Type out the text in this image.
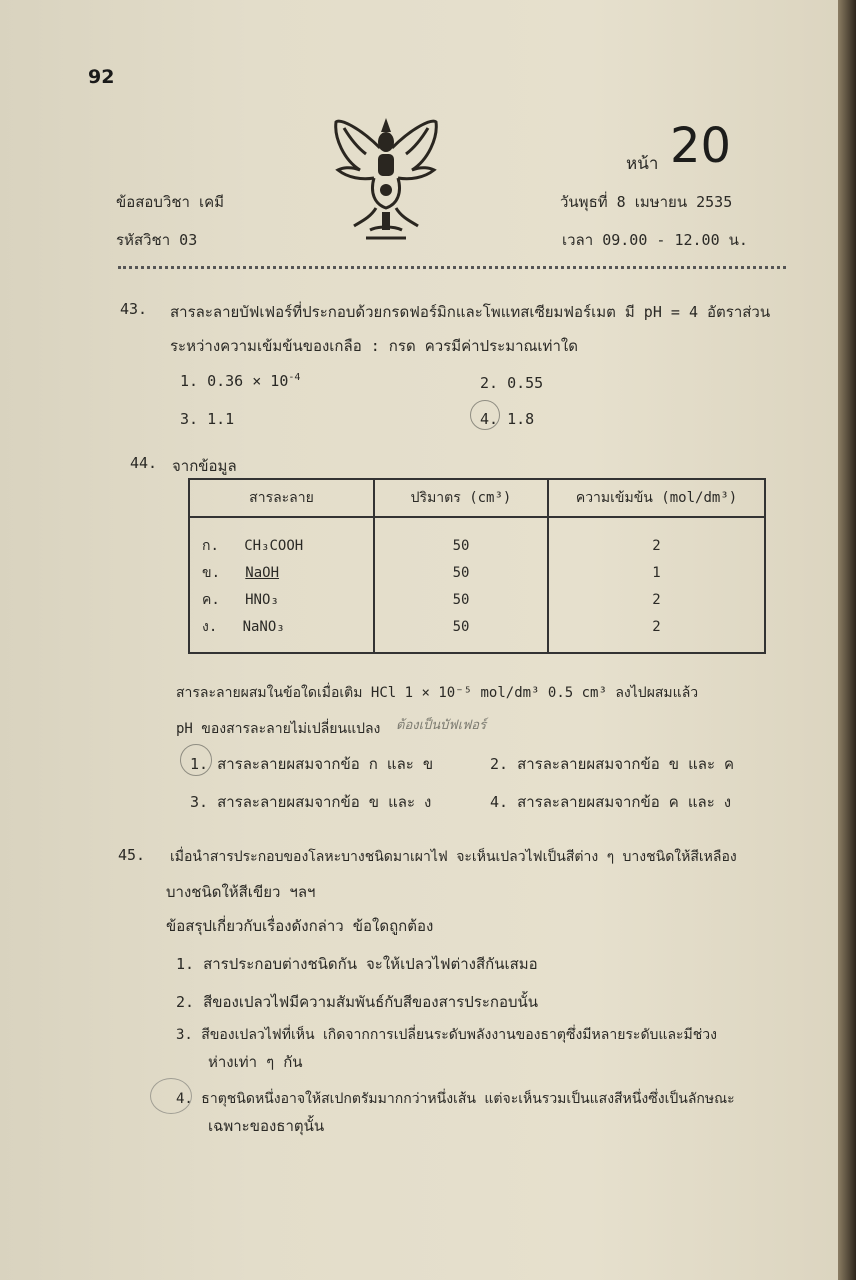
92
หน้า 20
ข้อสอบวิชา เคมี
รหัสวิชา 03
วันพุธที่ 8 เมษายน 2535
เวลา 09.00 - 12.00 น.
43. สารละลายบัฟเฟอร์ที่ประกอบด้วยกรดฟอร์มิกและโพแทสเซียมฟอร์เมต มี pH = 4 อัตราส่วน
ระหว่างความเข้มข้นของเกลือ : กรด ควรมีค่าประมาณเท่าใด
1. $0.36 \times 10^{-4}$	2. 0.55
3. 1.1	4. 1.8
44. จากข้อมูล
สารละลาย	ปริมาตร (cm³)	ความเข้มข้น (mol/dm³)

ก. CH₃COOH	50	2
ข. NaOH	50	1
ค. HNO₃	50	2
ง. NaNO₃	50	2

สารละลายผสมในข้อใดเมื่อเติม HCl 1 × 10⁻⁵ mol/dm³ 0.5 cm³ ลงไปผสมแล้ว
pH ของสารละลายไม่เปลี่ยนแปลง ต้องเป็นบัฟเฟอร์
1. สารละลายผสมจากข้อ ก และ ข	2. สารละลายผสมจากข้อ ข และ ค
3. สารละลายผสมจากข้อ ข และ ง	4. สารละลายผสมจากข้อ ค และ ง
45. เมื่อนำสารประกอบของโลหะบางชนิดมาเผาไฟ จะเห็นเปลวไฟเป็นสีต่าง ๆ บางชนิดให้สีเหลือง
บางชนิดให้สีเขียว ฯลฯ
ข้อสรุปเกี่ยวกับเรื่องดังกล่าว ข้อใดถูกต้อง
1. สารประกอบต่างชนิดกัน จะให้เปลวไฟต่างสีกันเสมอ
2. สีของเปลวไฟมีความสัมพันธ์กับสีของสารประกอบนั้น
3. สีของเปลวไฟที่เห็น เกิดจากการเปลี่ยนระดับพลังงานของธาตุซึ่งมีหลายระดับและมีช่วง
ห่างเท่า ๆ กัน
4. ธาตุชนิดหนึ่งอาจให้สเปกตรัมมากกว่าหนึ่งเส้น แต่จะเห็นรวมเป็นแสงสีหนึ่งซึ่งเป็นลักษณะ
เฉพาะของธาตุนั้น
